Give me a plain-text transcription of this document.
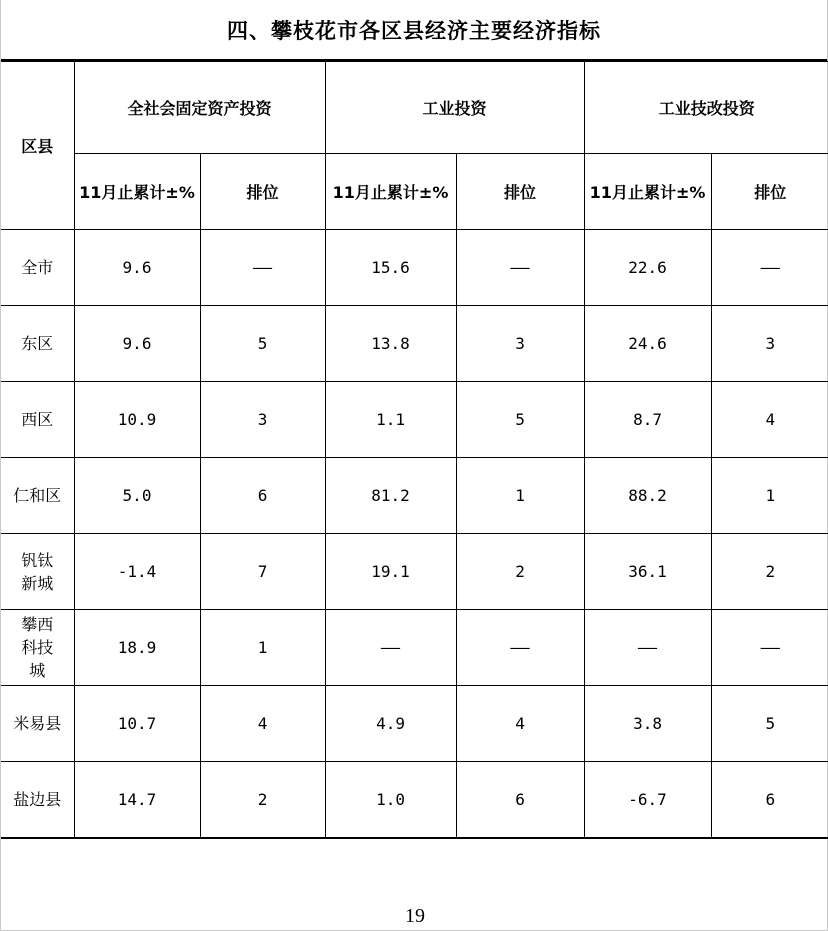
四、攀枝花市各区县经济主要经济指标
区县	全社会固定资产投资		工业投资		工业技改投资	
	11月止累计±%	排位	11月止累计±%	排位	11月止累计±%	排位
全市	9.6	——	15.6	——	22.6	——
东区	9.6	5	13.8	3	24.6	3
西区	10.9	3	1.1	5	8.7	4
仁和区	5.0	6	81.2	1	88.2	1

钒钛新城	-1.4	7	19.1	2	36.1	2

攀西科技城	18.9	1	——	——	——	——
米易县	10.7	4	4.9	4	3.8	5
盐边县	14.7	2	1.0	6	-6.7	6
19
